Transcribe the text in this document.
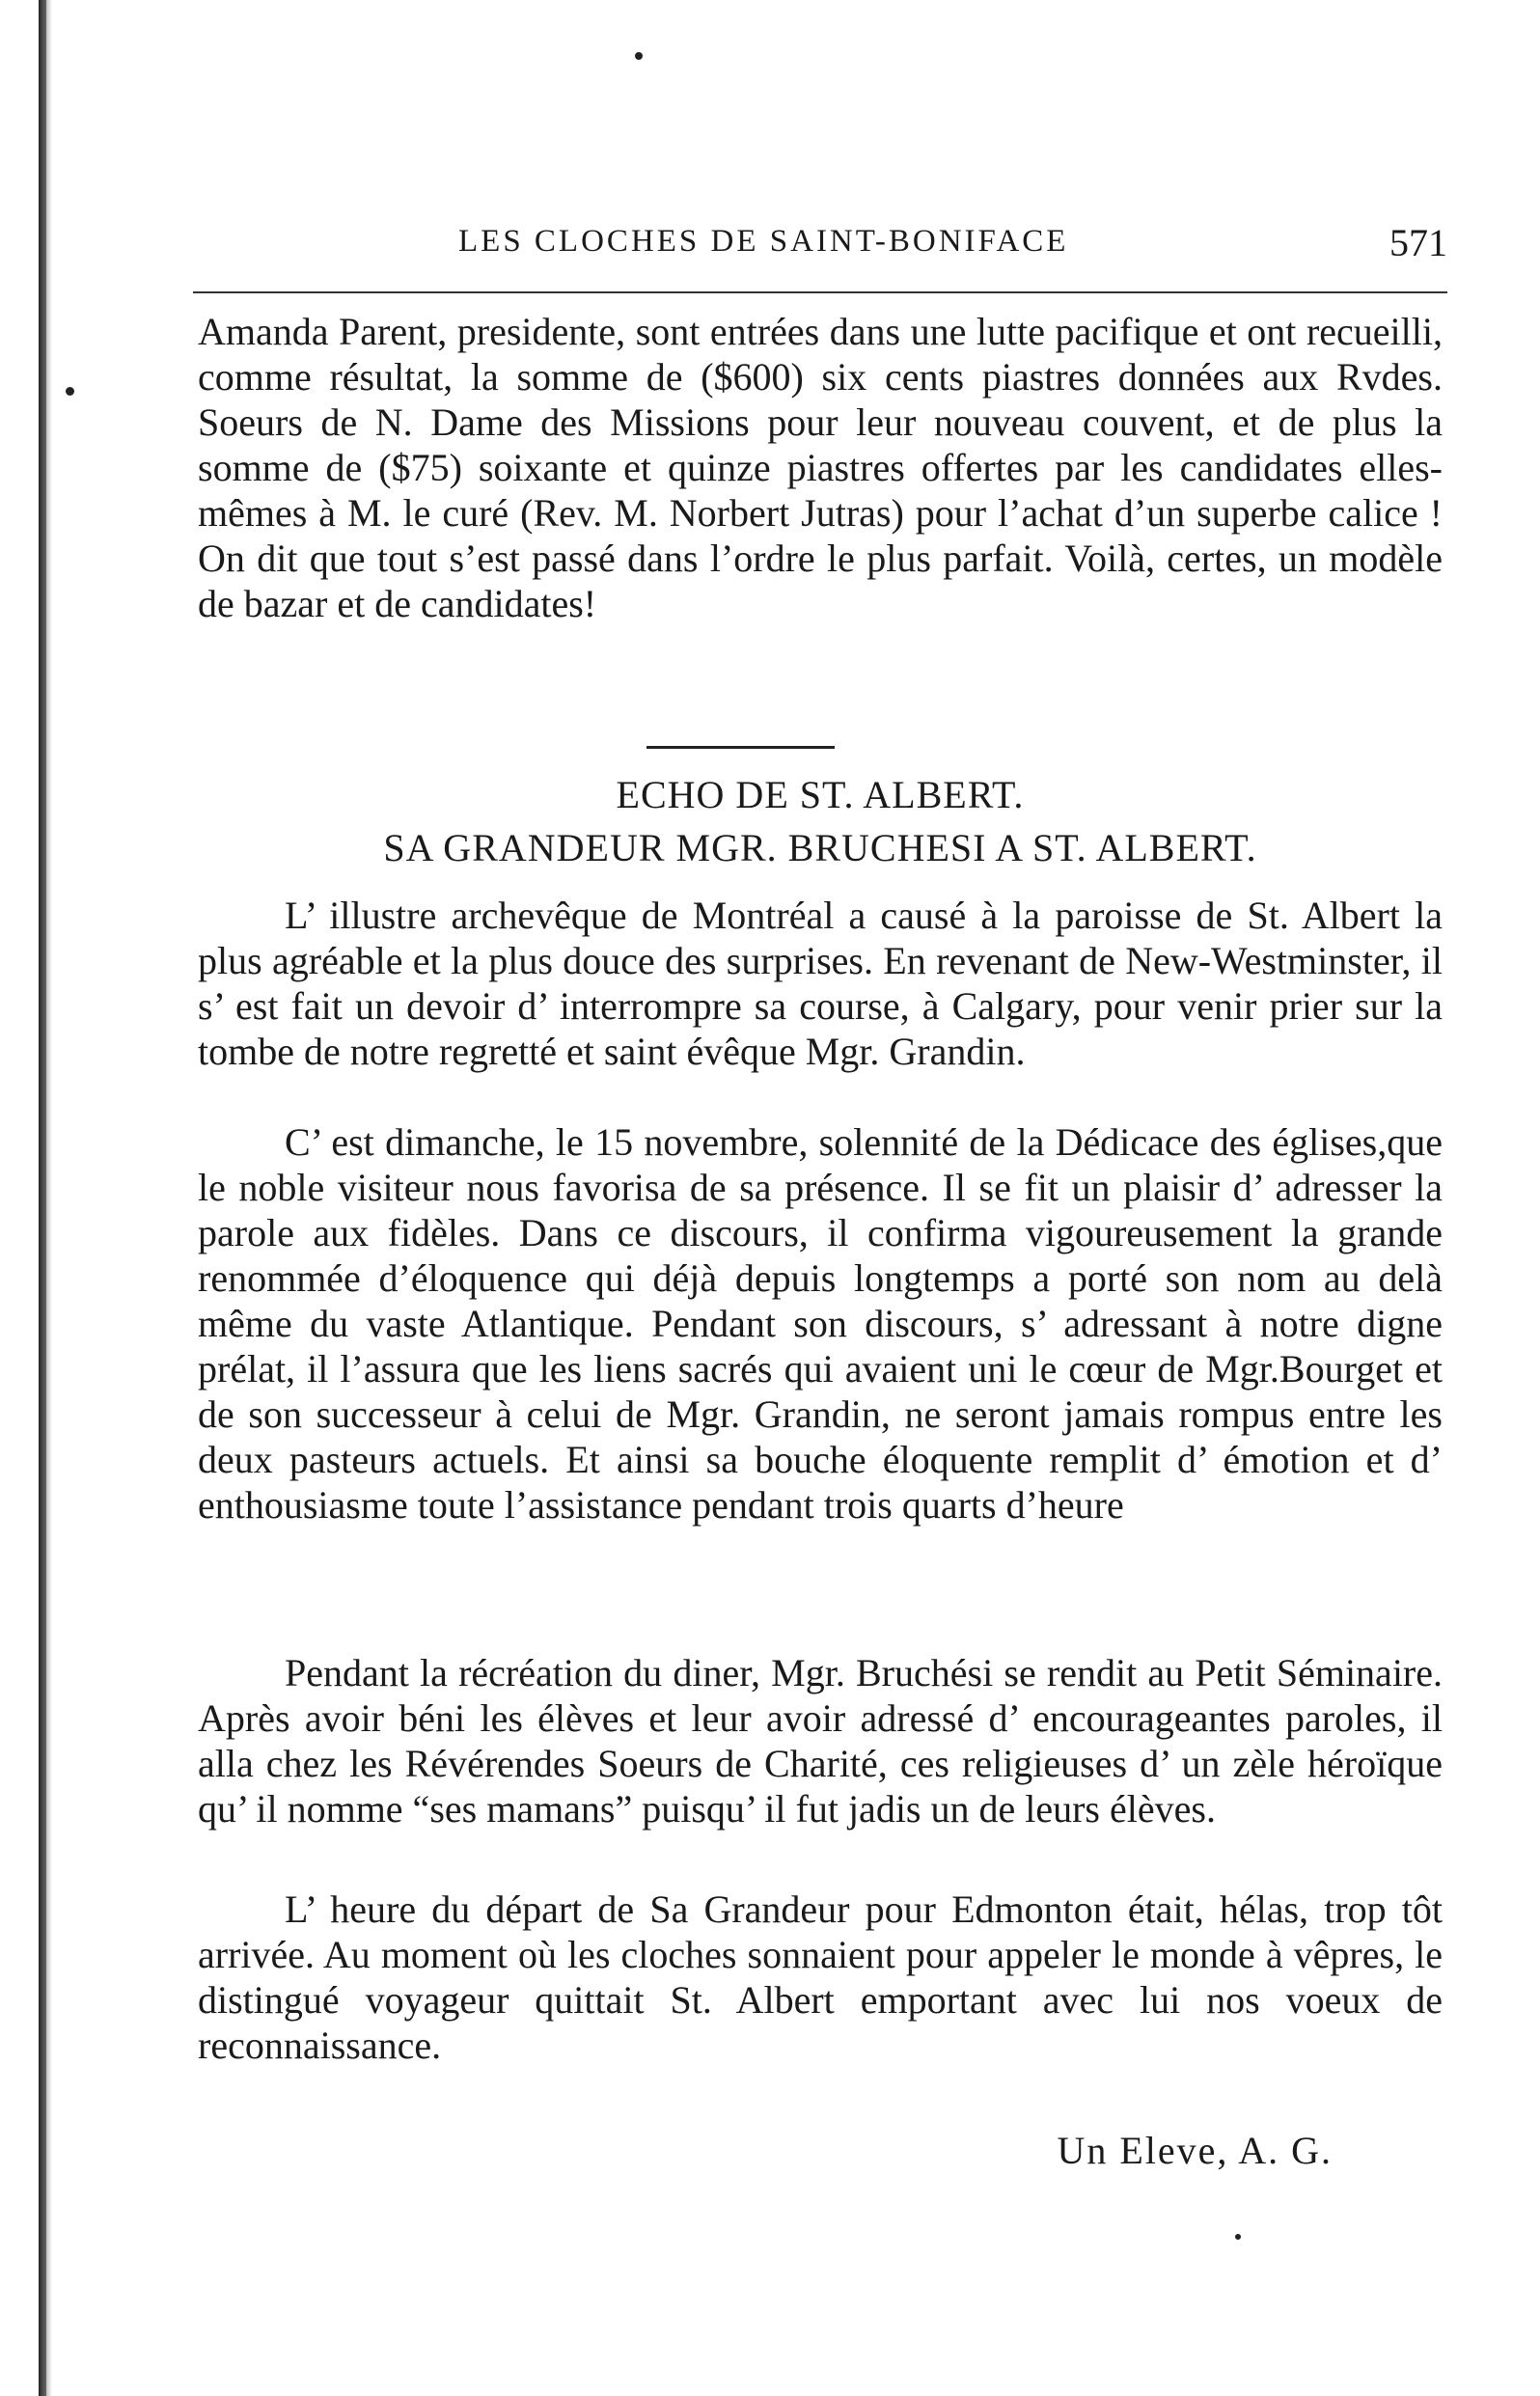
LES CLOCHES DE SAINT-BONIFACE	571
Amanda Parent, presidente, sont entrées dans une lutte pacifique et ont recueilli, comme résultat, la somme de ($600) six cents piastres données aux Rvdes. Soeurs de N. Dame des Missions pour leur nouveau couvent, et de plus la somme de ($75) soixante et quinze piastres offertes par les candidates elles-mêmes à M. le curé (Rev. M. Norbert Jutras) pour l’achat d’un superbe calice ! On dit que tout s’est passé dans l’ordre le plus parfait. Voilà, certes, un modèle de bazar et de candidates!
ECHO DE ST. ALBERT.
SA GRANDEUR MGR. BRUCHESI A ST. ALBERT.
L’ illustre archevêque de Montréal a causé à la paroisse de St. Albert la plus agréable et la plus douce des surprises. En revenant de New-Westminster, il s’ est fait un devoir d’ interrompre sa course, à Calgary, pour venir prier sur la tombe de notre regretté et saint évêque Mgr. Grandin.
C’ est dimanche, le 15 novembre, solennité de la Dédicace des églises,que le noble visiteur nous favorisa de sa présence. Il se fit un plaisir d’ adresser la parole aux fidèles. Dans ce discours, il confirma vigoureusement la grande renommée d’éloquence qui déjà depuis longtemps a porté son nom au delà même du vaste Atlantique. Pendant son discours, s’ adressant à notre digne prélat, il l’assura que les liens sacrés qui avaient uni le cœur de Mgr.Bourget et de son successeur à celui de Mgr. Grandin, ne seront jamais rompus entre les deux pasteurs actuels. Et ainsi sa bouche éloquente remplit d’ émotion et d’ enthousiasme toute l’assistance pendant trois quarts d’heure
Pendant la récréation du diner, Mgr. Bruchési se rendit au Petit Séminaire. Après avoir béni les élèves et leur avoir adressé d’ encourageantes paroles, il alla chez les Révérendes Soeurs de Charité, ces religieuses d’ un zèle héroïque qu’ il nomme “ses mamans” puisqu’ il fut jadis un de leurs élèves.
L’ heure du départ de Sa Grandeur pour Edmonton était, hélas, trop tôt arrivée. Au moment où les cloches sonnaient pour appeler le monde à vêpres, le distingué voyageur quittait St. Albert emportant avec lui nos voeux de reconnaissance.
Un Eleve, A. G.
